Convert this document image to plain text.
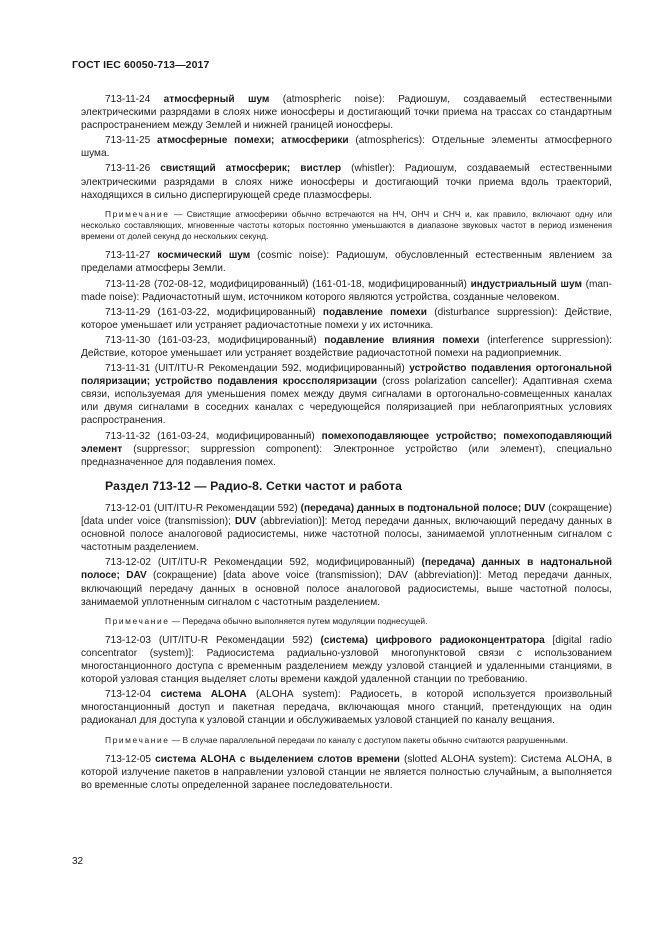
ГОСТ IEC 60050-713—2017

713-11-24 атмосферный шум (atmospheric noise): Радиошум, создаваемый естественными электрическими разрядами в слоях ниже ионосферы и достигающий точки приема на трассах со стандартным распространением между Землей и нижней границей ионосферы.

713-11-25 атмосферные помехи; атмосферики (atmospherics): Отдельные элементы атмосферного шума.

713-11-26 свистящий атмосферик; вистлер (whistler): Радиошум, создаваемый естественными электрическими разрядами в слоях ниже ионосферы и достигающий точки приема вдоль траекторий, находящихся в сильно диспергирующей среде плазмосферы.

Примечание — Свистящие атмосферики обычно встречаются на НЧ, ОНЧ и СНЧ и, как правило, включают одну или несколько составляющих, мгновенные частоты которых постоянно уменьшаются в диапазоне звуковых частот в период изменения времени от долей секунд до нескольких секунд.

713-11-27 космический шум (cosmic noise): Радиошум, обусловленный естественным явлением за пределами атмосферы Земли.

713-11-28 (702-08-12, модифицированный) (161-01-18, модифицированный) индустриальный шум (man-made noise): Радиочастотный шум, источником которого являются устройства, созданные человеком.

713-11-29 (161-03-22, модифицированный) подавление помехи (disturbance suppression): Действие, которое уменьшает или устраняет радиочастотные помехи у их источника.

713-11-30 (161-03-23, модифицированный) подавление влияния помехи (interference suppression): Действие, которое уменьшает или устраняет воздействие радиочастотной помехи на радиоприемник.

713-11-31 (UIT/ITU-R Рекомендации 592, модифицированный) устройство подавления ортогональной поляризации; устройство подавления кроссполяризации (cross polarization canceller): Адаптивная схема связи, используемая для уменьшения помех между двумя сигналами в ортогонально-совмещенных каналах или двумя сигналами в соседних каналах с чередующейся поляризацией при неблагоприятных условиях распространения.

713-11-32 (161-03-24, модифицированный) помехоподавляющее устройство; помехоподавляющий элемент (suppressor; suppression component): Электронное устройство (или элемент), специально предназначенное для подавления помех.

Раздел 713-12 — Радио-8. Сетки частот и работа

713-12-01 (UIT/ITU-R Рекомендации 592) (передача) данных в подтональной полосе; DUV (сокращение) [data under voice (transmission); DUV (abbreviation)]: Метод передачи данных, включающий передачу данных в основной полосе аналоговой радиосистемы, ниже частотной полосы, занимаемой уплотненным сигналом с частотным разделением.

713-12-02 (UIT/ITU-R Рекомендации 592, модифицированный) (передача) данных в надтональной полосе; DAV (сокращение) [data above voice (transmission); DAV (abbreviation)]: Метод передачи данных, включающий передачу данных в основной полосе аналоговой радиосистемы, выше частотной полосы, занимаемой уплотненным сигналом с частотным разделением.

Примечание — Передача обычно выполняется путем модуляции поднесущей.

713-12-03 (UIT/ITU-R Рекомендации 592) (система) цифрового радиоконцентратора [digital radio concentrator (system)]: Радиосистема радиально-узловой многопунктовой связи с использованием многостанционного доступа с временным разделением между узловой станцией и удаленными станциями, в которой узловая станция выделяет слоты времени каждой удаленной станции по требованию.

713-12-04 система ALOHA (ALOHA system): Радиосеть, в которой используется произвольный многостанционный доступ и пакетная передача, включающая много станций, претендующих на один радиоканал для доступа к узловой станции и обслуживаемых узловой станцией по каналу вещания.

Примечание — В случае параллельной передачи по каналу с доступом пакеты обычно считаются разрушенными.

713-12-05 система ALOHA с выделением слотов времени (slotted ALOHA system): Система ALOHA, в которой излучение пакетов в направлении узловой станции не является полностью случайным, а выполняется во временные слоты определенной заранее последовательности.

32
